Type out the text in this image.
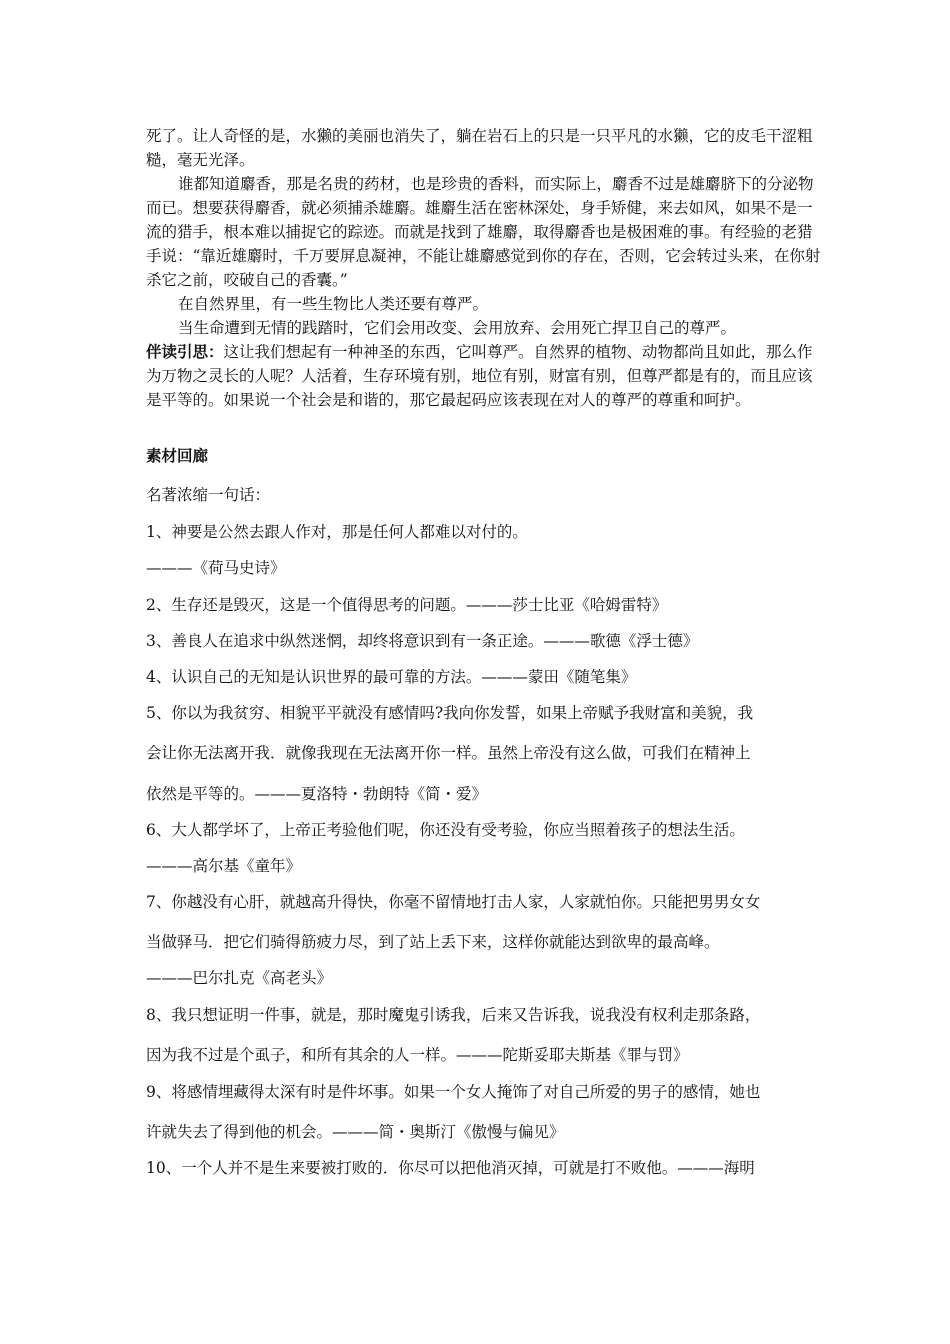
死了。让人奇怪的是，水獭的美丽也消失了，躺在岩石上的只是一只平凡的水獭，它的皮毛干涩粗糙，毫无光泽。

谁都知道麝香，那是名贵的药材，也是珍贵的香料，而实际上，麝香不过是雄麝脐下的分泌物而已。想要获得麝香，就必须捕杀雄麝。雄麝生活在密林深处，身手矫健，来去如风，如果不是一流的猎手，根本难以捕捉它的踪迹。而就是找到了雄麝，取得麝香也是极困难的事。有经验的老猎手说：“靠近雄麝时，千万要屏息凝神，不能让雄麝感觉到你的存在，否则，它会转过头来，在你射杀它之前，咬破自己的香囊。”

在自然界里，有一些生物比人类还要有尊严。

当生命遭到无情的践踏时，它们会用改变、会用放弃、会用死亡捍卫自己的尊严。

伴读引思：这让我们想起有一种神圣的东西，它叫尊严。自然界的植物、动物都尚且如此，那么作为万物之灵长的人呢？人活着，生存环境有别，地位有别，财富有别，但尊严都是有的，而且应该是平等的。如果说一个社会是和谐的，那它最起码应该表现在对人的尊严的尊重和呵护。

素材回廊

名著浓缩一句话：

1、神要是公然去跟人作对，那是任何人都难以对付的。

———《荷马史诗》

2、生存还是毁灭，这是一个值得思考的问题。———莎士比亚《哈姆雷特》

3、善良人在追求中纵然迷惘，却终将意识到有一条正途。———歌德《浮士德》

4、认识自己的无知是认识世界的最可靠的方法。———蒙田《随笔集》

5、你以为我贫穷、相貌平平就没有感情吗?我向你发誓，如果上帝赋予我财富和美貌，我

会让你无法离开我．就像我现在无法离开你一样。虽然上帝没有这么做，可我们在精神上

依然是平等的。———夏洛特・勃朗特《简・爱》

6、大人都学坏了，上帝正考验他们呢，你还没有受考验，你应当照着孩子的想法生活。

———高尔基《童年》

7、你越没有心肝，就越高升得快，你毫不留情地打击人家，人家就怕你。只能把男男女女

当做驿马．把它们骑得筋疲力尽，到了站上丢下来，这样你就能达到欲卑的最高峰。

———巴尔扎克《高老头》

8、我只想证明一件事，就是，那时魔鬼引诱我，后来又告诉我，说我没有权利走那条路，

因为我不过是个虱子，和所有其余的人一样。———陀斯妥耶夫斯基《罪与罚》

9、将感情埋藏得太深有时是件坏事。如果一个女人掩饰了对自己所爱的男子的感情，她也

许就失去了得到他的机会。———简・奥斯汀《傲慢与偏见》

10、一个人并不是生来要被打败的．你尽可以把他消灭掉，可就是打不败他。———海明
